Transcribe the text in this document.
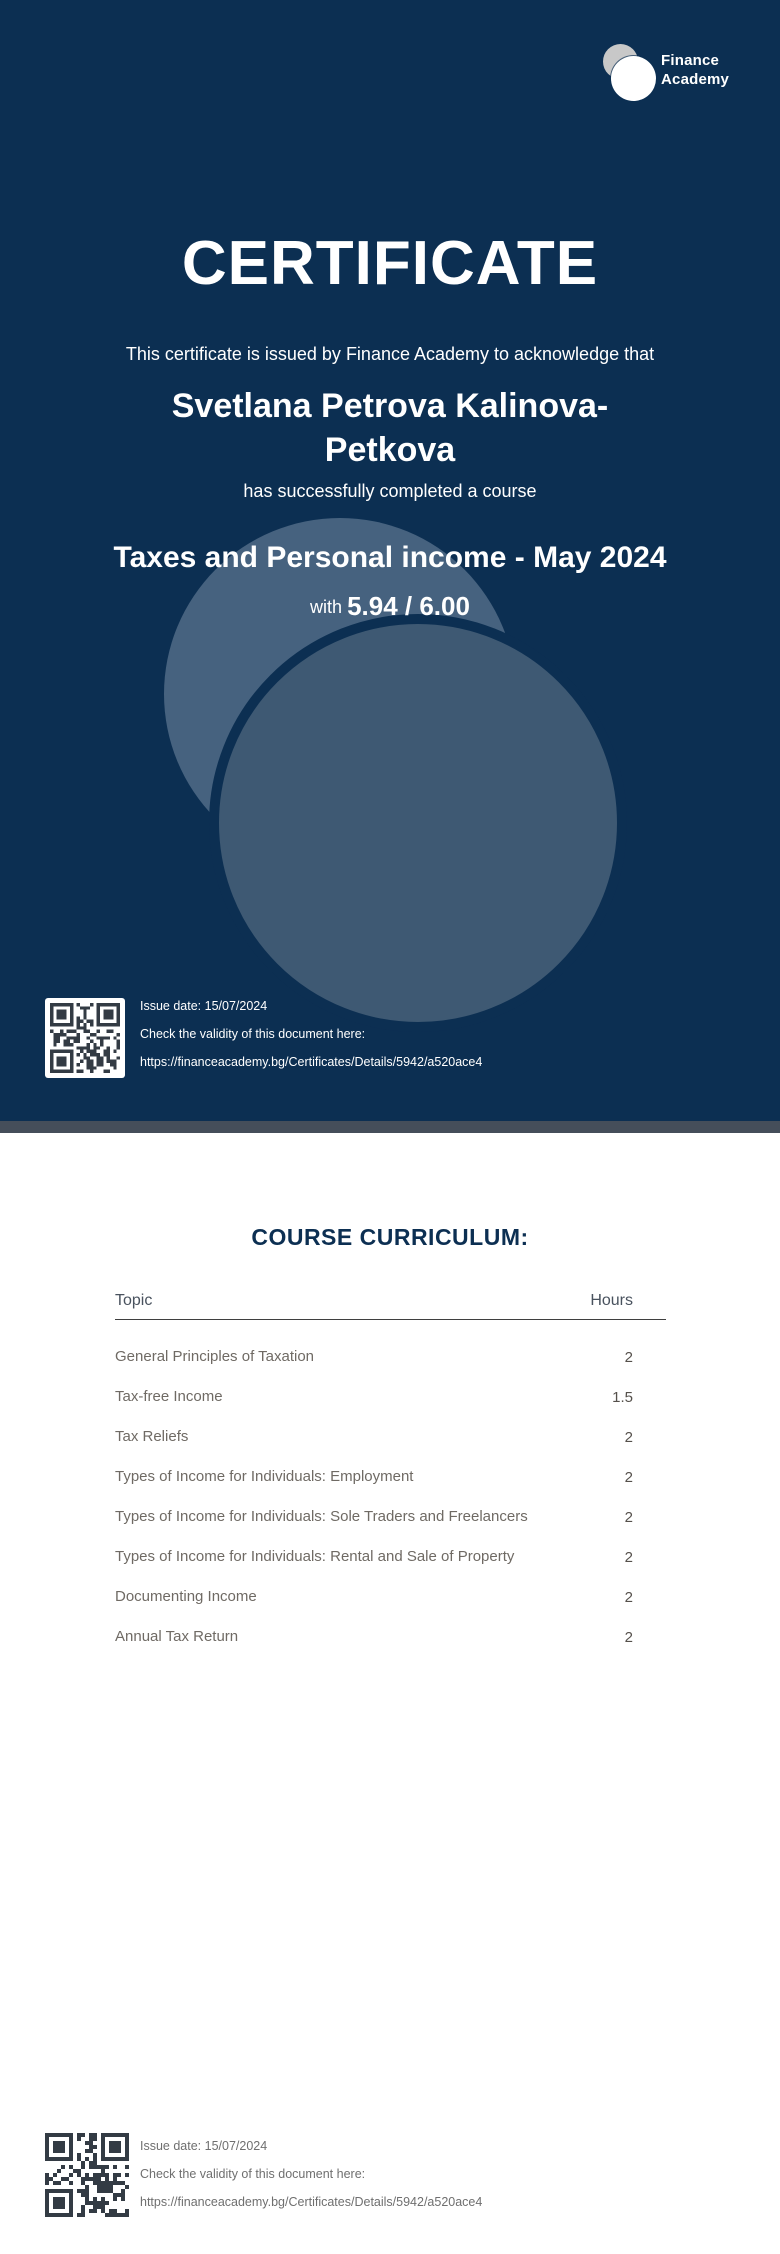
Finance
Academy
CERTIFICATE

This certificate is issued by Finance Academy to acknowledge that

Svetlana Petrova Kalinova-Petkova

has successfully completed a course

Taxes and Personal income - May 2024

with 5.94 / 6.00

Issue date: 15/07/2024

Check the validity of this document here:

https://financeacademy.bg/Certificates/Details/5942/a520ace4

COURSE CURRICULUM:
Topic	Hours
General Principles of Taxation	2
Tax-free Income	1.5
Tax Reliefs	2
Types of Income for Individuals: Employment	2
Types of Income for Individuals: Sole Traders and Freelancers	2
Types of Income for Individuals: Rental and Sale of Property	2
Documenting Income	2
Annual Tax Return	2

Issue date: 15/07/2024

Check the validity of this document here:

https://financeacademy.bg/Certificates/Details/5942/a520ace4
